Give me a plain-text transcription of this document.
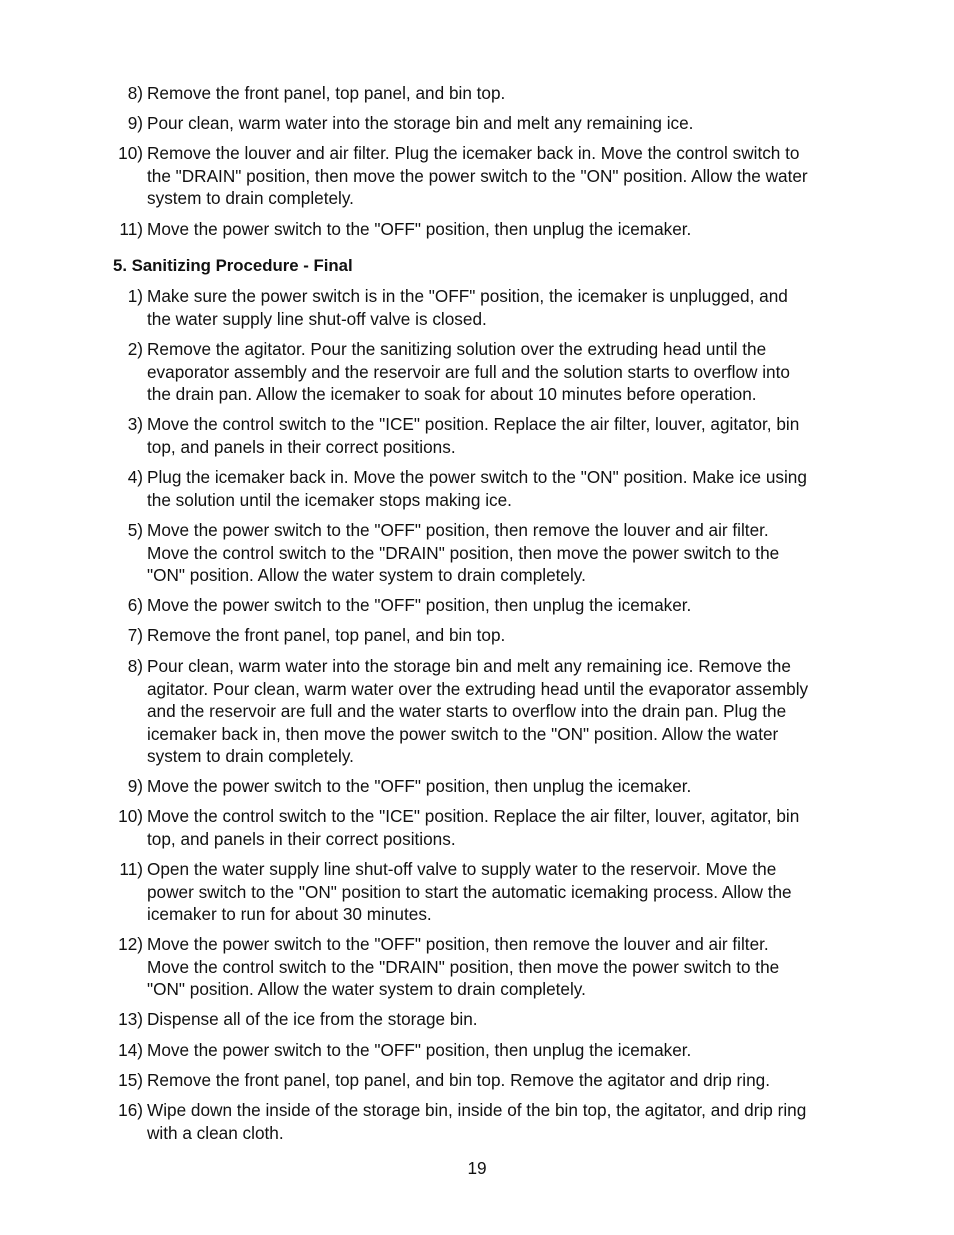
8) Remove the front panel, top panel, and bin top.
9) Pour clean, warm water into the storage bin and melt any remaining ice.
10) Remove the louver and air filter. Plug the icemaker back in. Move the control switch to
the "DRAIN" position, then move the power switch to the "ON" position. Allow the water
system to drain completely.
11) Move the power switch to the "OFF" position, then unplug the icemaker.
5. Sanitizing Procedure - Final
1) Make sure the power switch is in the "OFF" position, the icemaker is unplugged, and
the water supply line shut-off valve is closed.
2) Remove the agitator. Pour the sanitizing solution over the extruding head until the
evaporator assembly and the reservoir are full and the solution starts to overflow into
the drain pan. Allow the icemaker to soak for about 10 minutes before operation.
3) Move the control switch to the "ICE" position. Replace the air filter, louver, agitator, bin
top, and panels in their correct positions.
4) Plug the icemaker back in. Move the power switch to the "ON" position. Make ice using
the solution until the icemaker stops making ice.
5) Move the power switch to the "OFF" position, then remove the louver and air filter.
Move the control switch to the "DRAIN" position, then move the power switch to the
"ON" position. Allow the water system to drain completely.
6) Move the power switch to the "OFF" position, then unplug the icemaker.
7) Remove the front panel, top panel, and bin top.
8) Pour clean, warm water into the storage bin and melt any remaining ice. Remove the
agitator. Pour clean, warm water over the extruding head until the evaporator assembly
and the reservoir are full and the water starts to overflow into the drain pan. Plug the
icemaker back in, then move the power switch to the "ON" position. Allow the water
system to drain completely.
9) Move the power switch to the "OFF" position, then unplug the icemaker.
10) Move the control switch to the "ICE" position. Replace the air filter, louver, agitator, bin
top, and panels in their correct positions.
11) Open the water supply line shut-off valve to supply water to the reservoir. Move the
power switch to the "ON" position to start the automatic icemaking process. Allow the
icemaker to run for about 30 minutes.
12) Move the power switch to the "OFF" position, then remove the louver and air filter.
Move the control switch to the "DRAIN" position, then move the power switch to the
"ON" position. Allow the water system to drain completely.
13) Dispense all of the ice from the storage bin.
14) Move the power switch to the "OFF" position, then unplug the icemaker.
15) Remove the front panel, top panel, and bin top. Remove the agitator and drip ring.
16) Wipe down the inside of the storage bin, inside of the bin top, the agitator, and drip ring
with a clean cloth.
19
